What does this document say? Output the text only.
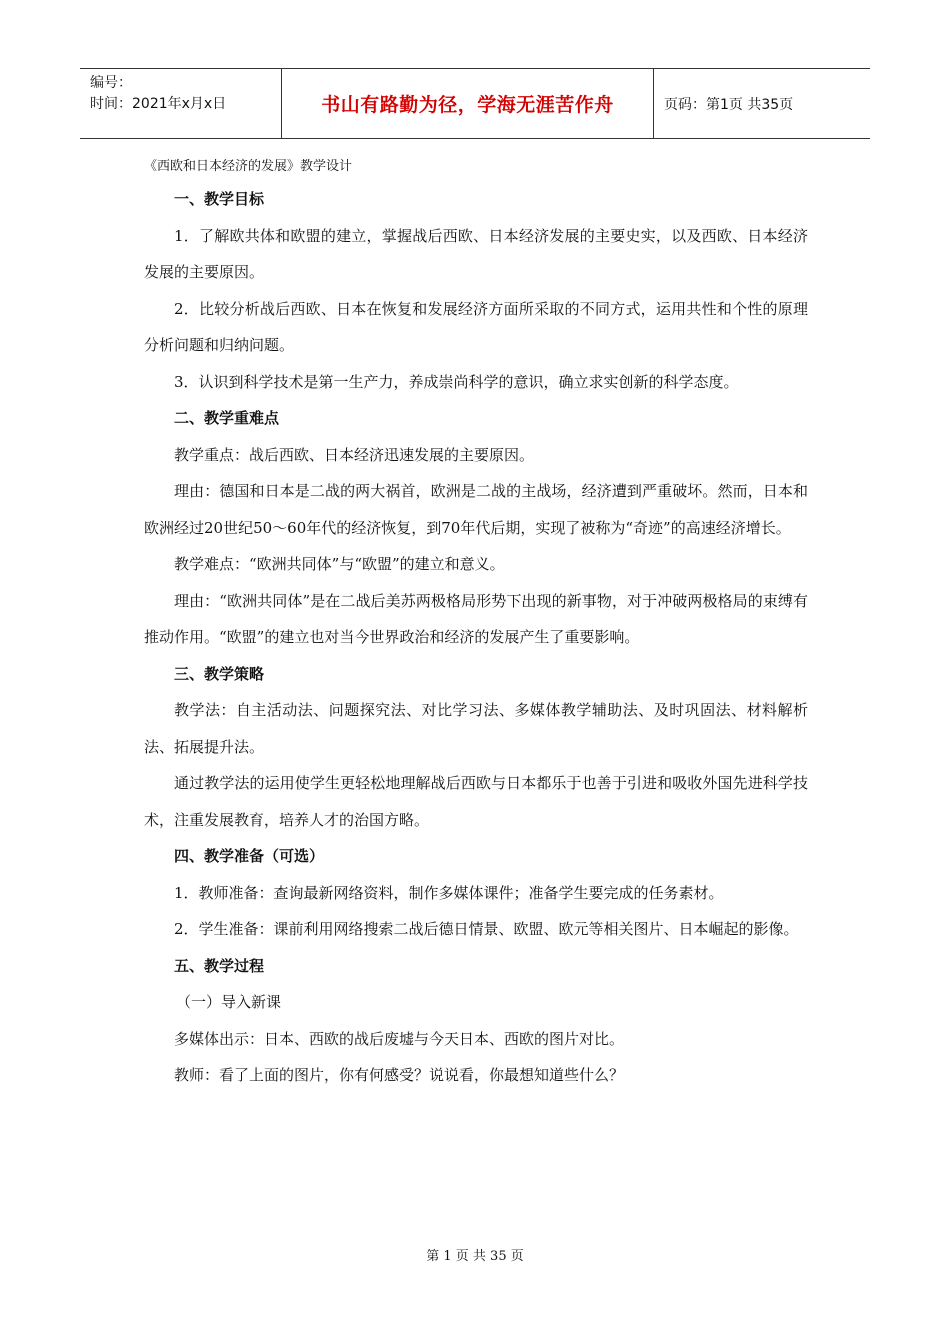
编号：
时间：2021年x月x日	书山有路勤为径，学海无涯苦作舟	页码：第1页 共35页
《西欧和日本经济的发展》教学设计

一、教学目标

1．了解欧共体和欧盟的建立，掌握战后西欧、日本经济发展的主要史实，以及西欧、日本经济发展的主要原因。

2．比较分析战后西欧、日本在恢复和发展经济方面所采取的不同方式，运用共性和个性的原理分析问题和归纳问题。

3．认识到科学技术是第一生产力，养成崇尚科学的意识，确立求实创新的科学态度。

二、教学重难点

教学重点：战后西欧、日本经济迅速发展的主要原因。

理由：德国和日本是二战的两大祸首，欧洲是二战的主战场，经济遭到严重破坏。然而，日本和欧洲经过20世纪50～60年代的经济恢复，到70年代后期，实现了被称为“奇迹”的高速经济增长。

教学难点：“欧洲共同体”与“欧盟”的建立和意义。

理由：“欧洲共同体”是在二战后美苏两极格局形势下出现的新事物，对于冲破两极格局的束缚有推动作用。“欧盟”的建立也对当今世界政治和经济的发展产生了重要影响。

三、教学策略

教学法：自主活动法、问题探究法、对比学习法、多媒体教学辅助法、及时巩固法、材料解析法、拓展提升法。

通过教学法的运用使学生更轻松地理解战后西欧与日本都乐于也善于引进和吸收外国先进科学技术，注重发展教育，培养人才的治国方略。

四、教学准备（可选）

1．教师准备：查询最新网络资料，制作多媒体课件；准备学生要完成的任务素材。

2．学生准备：课前利用网络搜索二战后德日情景、欧盟、欧元等相关图片、日本崛起的影像。

五、教学过程

（一）导入新课

多媒体出示：日本、西欧的战后废墟与今天日本、西欧的图片对比。

教师：看了上面的图片，你有何感受？说说看，你最想知道些什么？

第 1 页 共 35 页
